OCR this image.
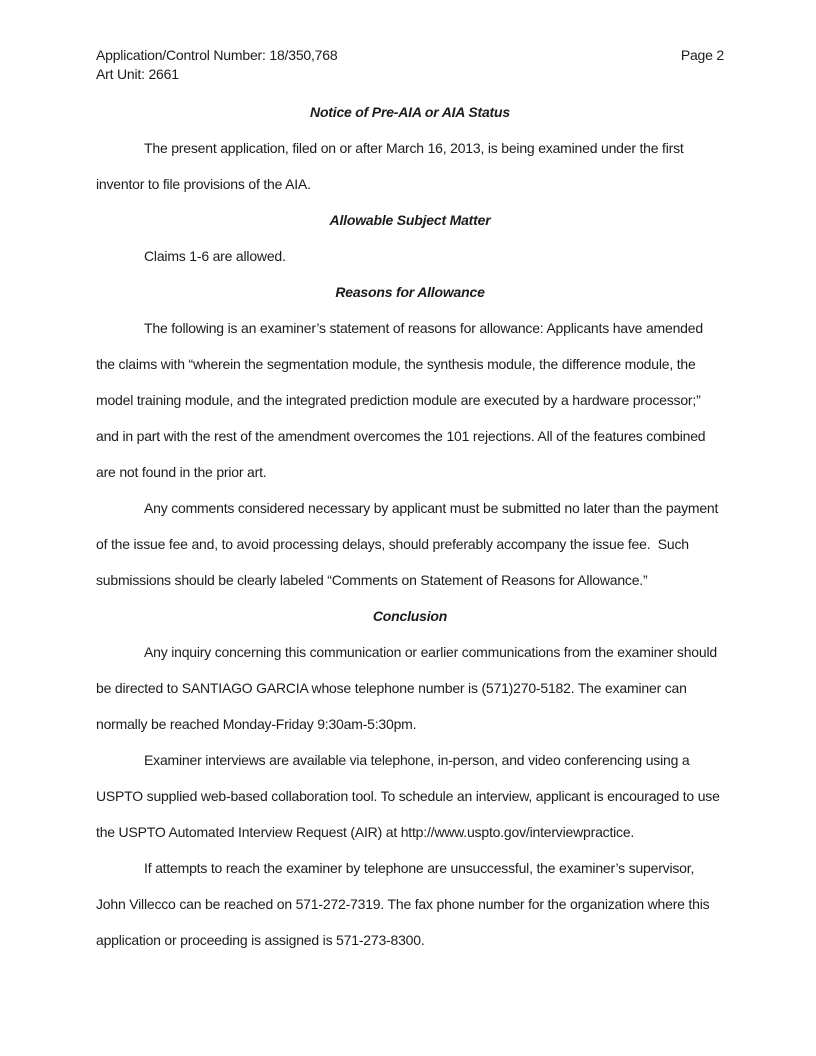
Application/Control Number: 18/350,768	Page 2
Art Unit: 2661
Notice of Pre-AIA or AIA Status

The present application, filed on or after March 16, 2013, is being examined under the first inventor to file provisions of the AIA.

Allowable Subject Matter

Claims 1-6 are allowed.

Reasons for Allowance

The following is an examiner’s statement of reasons for allowance: Applicants have amended the claims with “wherein the segmentation module, the synthesis module, the difference module, the model training module, and the integrated prediction module are executed by a hardware processor;” and in part with the rest of the amendment overcomes the 101 rejections. All of the features combined are not found in the prior art.

Any comments considered necessary by applicant must be submitted no later than the payment of the issue fee and, to avoid processing delays, should preferably accompany the issue fee.  Such submissions should be clearly labeled “Comments on Statement of Reasons for Allowance.”

Conclusion

Any inquiry concerning this communication or earlier communications from the examiner should be directed to SANTIAGO GARCIA whose telephone number is (571)270-5182. The examiner can normally be reached Monday-Friday 9:30am-5:30pm.

Examiner interviews are available via telephone, in-person, and video conferencing using a USPTO supplied web-based collaboration tool. To schedule an interview, applicant is encouraged to use the USPTO Automated Interview Request (AIR) at http://www.uspto.gov/interviewpractice.

If attempts to reach the examiner by telephone are unsuccessful, the examiner’s supervisor, John Villecco can be reached on 571-272-7319. The fax phone number for the organization where this application or proceeding is assigned is 571-273-8300.
